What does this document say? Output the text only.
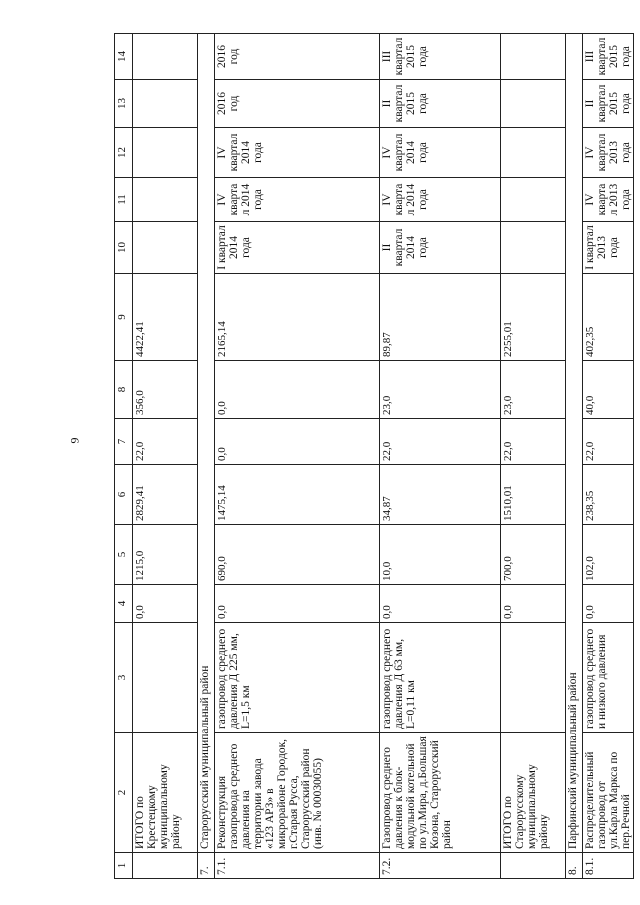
9
1	2	3	4	5	6	7	8	9	10	11	12	13	14
	ИТОГО по Крестецкому муниципальному району		0,0	1215,0	2829,41	22,0	356,0	4422,41					
7.	Старорусский муниципальный район												
7.1.	Реконструкция газопровода среднего давления на территории завода «123 АРЗ» в микрорайоне Городок, г.Старая Русса, Старорусский район (инв. № 00030055)	газопровод среднего давления Д 225 мм, L=1,5 км	0,0	690,0	1475,14	0,0	0,0	2165,14	I квартал 2014 года	IV квартал 2014 года	IV квартал 2014 года	2016 год	2016 год
7.2.	Газопровод среднего давления к блок-модульной котельной по ул.Мира, д.Большая Козона, Старорусский район	газопровод среднего давления Д 63 мм, L=0,11 км	0,0	10,0	34,87	22,0	23,0	89,87	II квартал 2014 года	IV квартал 2014 года	IV квартал 2014 года	II квартал 2015 года	III квартал 2015 года
	ИТОГО по Старорусскому муниципальному району		0,0	700,0	1510,01	22,0	23,0	2255,01					
8.	Парфинский муниципальный район												
8.1.	Распределительный газопровод от ул.Карла Маркса по пер.Речной	газопровод среднего и низкого давления	0,0	102,0	238,35	22,0	40,0	402,35	I квартал 2013 года	IV квартал 2013 года	IV квартал 2013 года	II квартал 2015 года	III квартал 2015 года
